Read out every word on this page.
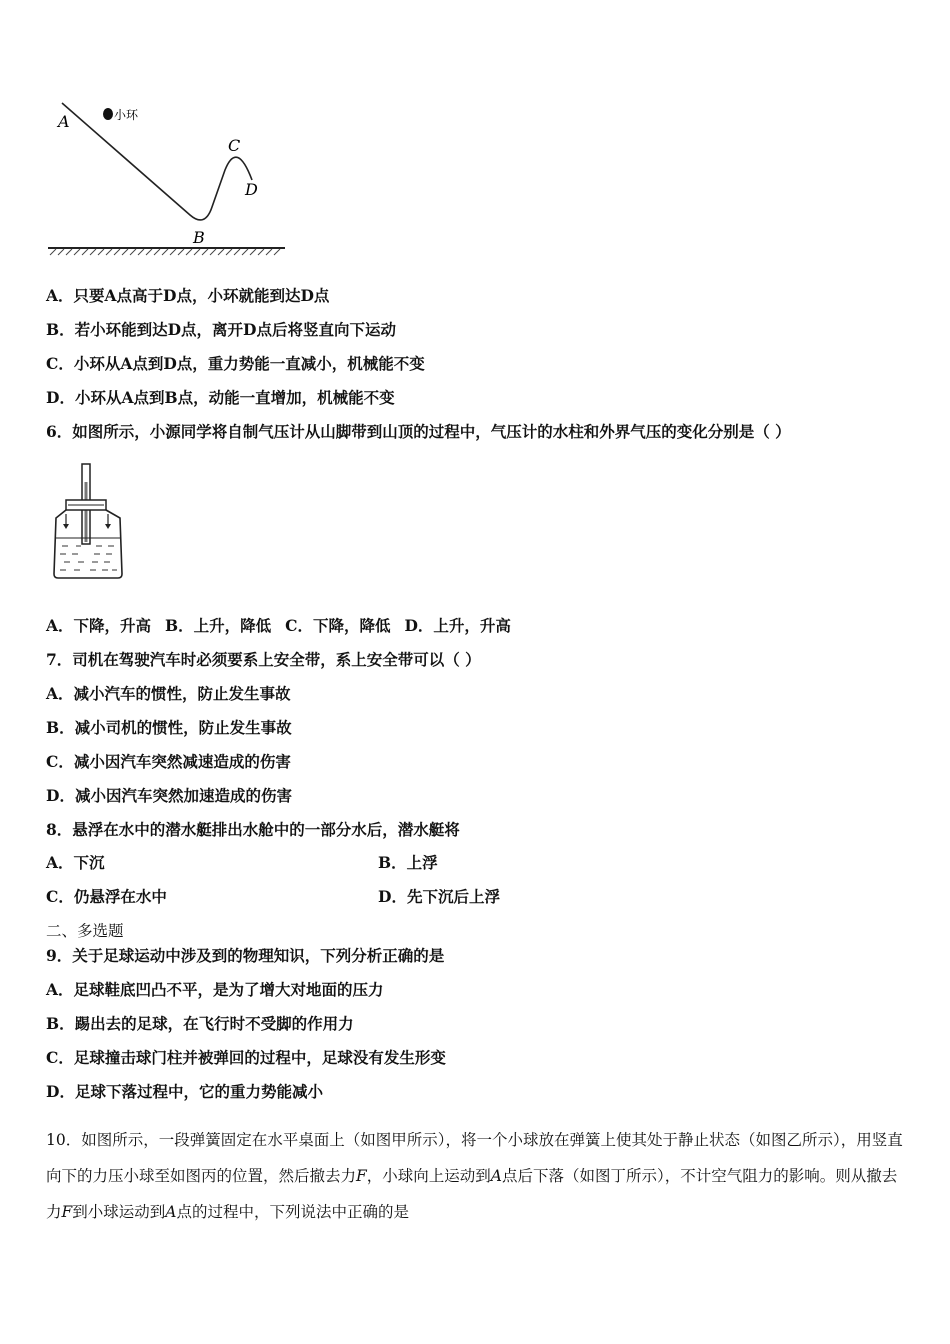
A	小环
B
C
D
A．只要A点高于D点，小环就能到达D点
B．若小环能到达D点，离开D点后将竖直向下运动
C．小环从A点到D点，重力势能一直减小，机械能不变
D．小环从A点到B点，动能一直增加，机械能不变
6．如图所示，小源同学将自制气压计从山脚带到山顶的过程中，气压计的水柱和外界气压的变化分别是（ ）
A．下降，升高 B．上升，降低 C．下降，降低 D．上升，升高
7．司机在驾驶汽车时必须要系上安全带，系上安全带可以（ ）
A．减小汽车的惯性，防止发生事故
B．减小司机的惯性，防止发生事故
C．减小因汽车突然减速造成的伤害
D．减小因汽车突然加速造成的伤害
8．悬浮在水中的潜水艇排出水舱中的一部分水后，潜水艇将
A．下沉	B．上浮
C．仍悬浮在水中	D．先下沉后上浮
二、多选题
9．关于足球运动中涉及到的物理知识，下列分析正确的是
A．足球鞋底凹凸不平，是为了增大对地面的压力
B．踢出去的足球，在飞行时不受脚的作用力
C．足球撞击球门柱并被弹回的过程中，足球没有发生形变
D．足球下落过程中，它的重力势能减小
10．如图所示，一段弹簧固定在水平桌面上（如图甲所示），将一个小球放在弹簧上使其处于静止状态（如图乙所示），用竖直向下的力压小球至如图丙的位置，然后撤去力F，小球向上运动到A点后下落（如图丁所示），不计空气阻力的影响。则从撤去力F到小球运动到A点的过程中，下列说法中正确的是
